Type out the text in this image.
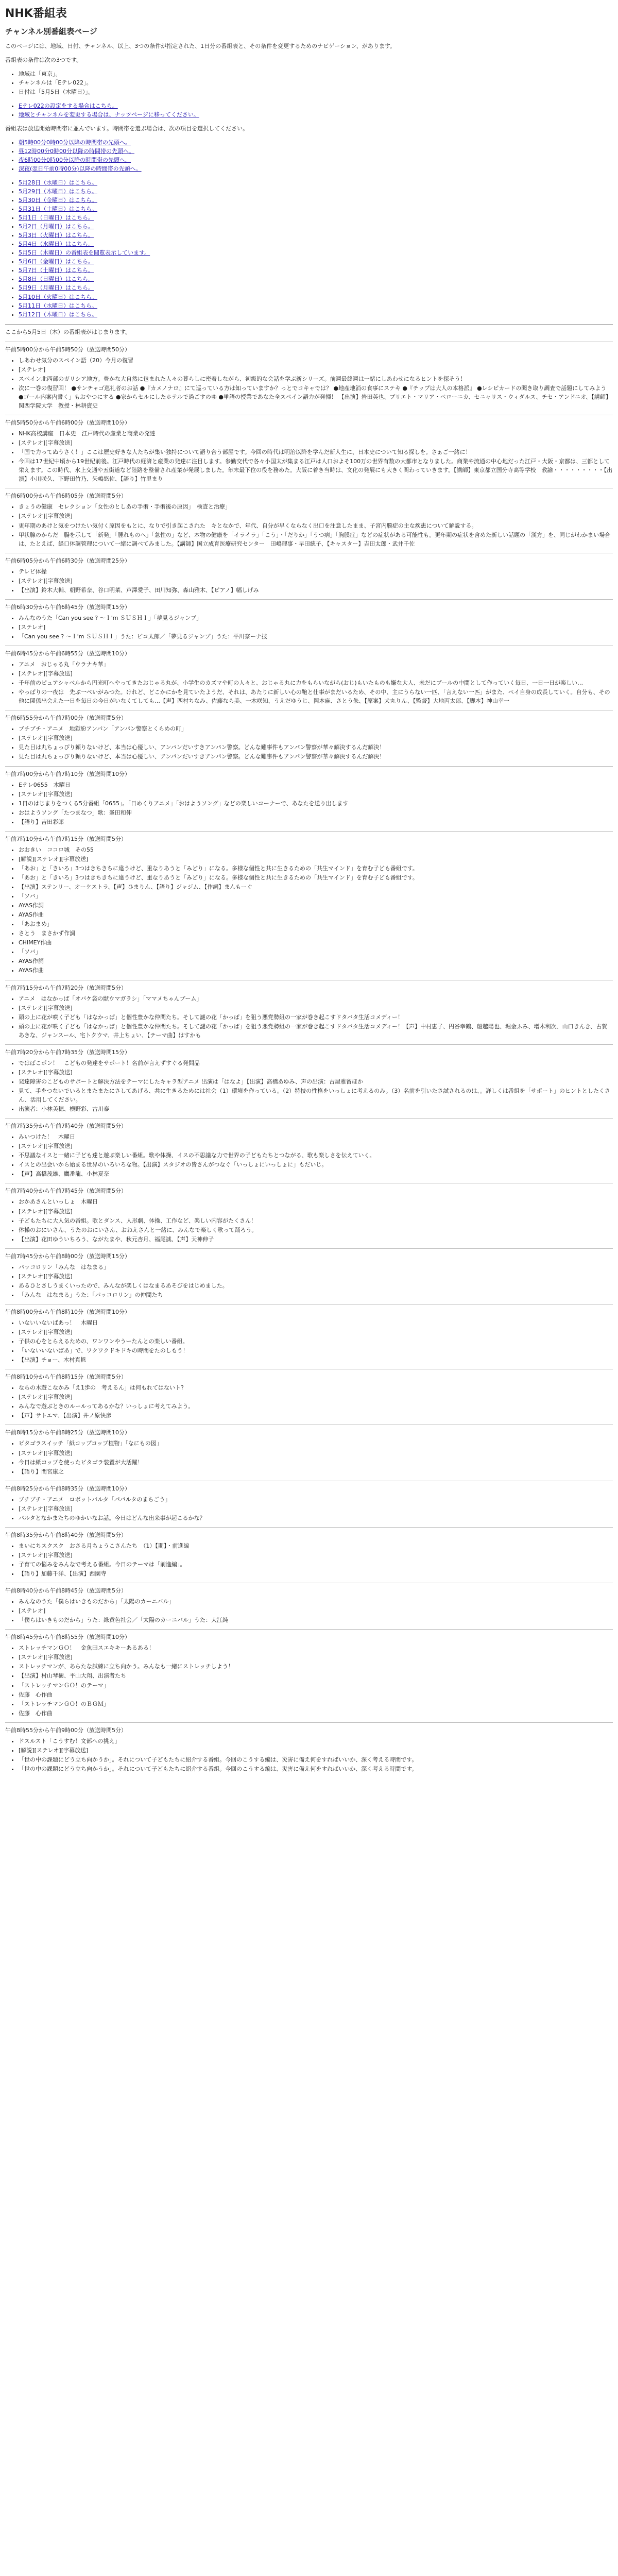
NHK番組表
チャンネル別番組表ページ

このページには、地域、日付、チャンネル、以上、3つの条件が指定された、1日分の番組表と、その条件を変更するためのナビゲーション、があります。

番組表の条件は次の3つです。

• 地域は「東京」。
• チャンネルは「Eテレ022」。
• 日付は「5月5日（木曜日）」。
• Eテレ022の設定をする場合はこちら。
• 地域とチャンネルを変更する場合は、ナッツページに移ってください。

番組表は放送開始時間帯に並んでいます。時間帯を選ぶ場合は、次の項目を選択してください。

• 朝5時00分0時00分以降の時間帯の先頭へ。
• 昼12時00分0時00分以降の時間帯の先頭へ。
• 夜6時00分0時00分以降の時間帯の先頭へ。
• 深夜(翌日午前0時00分)以降の時間帯の先頭へ。
• 5月28日（水曜日）はこちら。
• 5月29日（木曜日）はこちら。
• 5月30日（金曜日）はこちら。
• 5月31日（土曜日）はこちら。
• 5月1日（日曜日）はこちら。
• 5月2日（月曜日）はこちら。
• 5月3日（火曜日）はこちら。
• 5月4日（水曜日）はこちら。
• 5月5日（木曜日）の番組表を閲覧表示しています。
• 5月6日（金曜日）はこちら。
• 5月7日（土曜日）はこちら。
• 5月8日（日曜日）はこちら。
• 5月9日（月曜日）はこちら。
• 5月10日（火曜日）はこちら。
• 5月11日（水曜日）はこちら。
• 5月12日（木曜日）はこちら。

ここから5月5日（木）の番組表がはじまります。

午前5時00分から午前5時50分（放送時間50分）
• しあわせ気分のスペイン語（20）今月の復習
• [ステレオ]
• スペイン北西部のガリシア地方。豊かな大自然に包まれた人々の暮らしに密着しながら、初級的な会話を学ぶ新シリーズ。前週最終週は一緒にしあわせになるヒントを探そう！
• 次に一巻の復習回！ ●サンチャゴ巡礼者のお話 ●『カメノナロ』にて巡っている方は知っていますか？っとでコキャでは？ ●地産地消の食事にステキ ●『チップは大人の本格派』 ●レシピカードの聞き取り調査で話題にしてみよう ●ゴール内案内書く」もおやつにする ●家からセルにしたホテルで過ごすのゆ ●単語の授業であなた全スペイン語力が発揮！ 【出演】岩田英也、ブリエト・マリア・ペローニカ、セニャリス・ウィダルス、チセ・アンドニオ、【講師】関西学院大学　教授・林耕資史
午前5時50分から午前6時00分（放送時間10分）
• NHK高校講座　日本史　江戸時代の産業と商業の発達
• [ステレオ][字幕放送]
• 「国で力ってぬうさく！」ここは歴史好きな人たちが集い独特について語り合う部屋です。今回の時代は明治以降を学んだ新人生に、日本史について知る探しを。さぁご一緒に！
• 今回は17世紀中頃から19世紀前後。江戸時代の経済と産業の発達に注目します。参勤交代で各々小国太が集まる江戸は人口およそ100万の世界有数の大都市となりました。商業や流通の中心地だった江戸・大阪・京都は、三都として栄えます。この時代、水上交通や五街道など陸路を整備され産業が発展しました。年末最下位の役を務めた。大阪に着き当時は、文化の発展にも大きく関わっていきます。【講師】東京都立国分寺高等学校　教諭・・・・・・・・・【出演】小川咲久、下野田竹乃、矢嶋悠佐、【語り】竹里まり
午前6時00分から午前6時05分（放送時間5分）
• きょうの健康　セレクション「女性のとしあの手術・手術後の原因」　検査と治療」
• [ステレオ][字幕放送]
• 更年期のあけと気をつけたい気付く原因をもとに、なりで引き起こされた　キとなかで、年代、自分が早くならなく出口を注意したまま、子宮内膜症の主な疾患について解説する。
• 甲状腺のからだ　腸を示して「新発」「腫れものへ」「急性の」など、本物の健康を「イライラ」「こう」・「だりか」「うつ病」「胸膜症」などの症状がある可能性も。更年期の症状を含めた新しい話題の「漢方」を、同じがわかまい場合は、たとえば、経口体調管理について一緒に調べてみました。【講師】国立成育医療研究センター　田嶋理事・早田統子、【キャスター】吉田太郎・武井千佐
午前6時05分から午前6時30分（放送時間25分）
• テレビ体操
• [ステレオ][字幕放送]
• 【出演】鈴木大輔、朝野希奈、谷口明菜、芦澤愛子、田川知弥、森山雅木、【ピアノ】幅しげみ
午前6時30分から午前6時45分（放送時間15分）
• みんなのうた「Can you see ? 〜Ｉ'm ＳＵＳＨＩ」「夢見るジャンプ」
• [ステレオ]
• 「Can you see ? 〜Ｉ'm ＳＵＳＨＩ」うた：ピコ太郎／「夢見るジャンプ」うた：平川奈ーナ技
午前6時45分から午前6時55分（放送時間10分）
• アニメ　おじゃる丸「ウラナキ華」
• [ステレオ][字幕放送]
• 千年前のピュアシャベルから円光町へやってきたおじゃる丸が、小学生のカズマや町の人々と、おじゃる丸に力をもらいながら(おじ)もいたものも嫌な大人、未だにプールの中間として作っていく毎日、一日一日が楽しい…
• やっぱりの一夜は　先ぶ一ぺいがみつた。けれど、どこかにかを見ていたようだ、それは、あたりに新しい心の鞄と仕事がまだいるため、その中、主にうらない一匹、「言えない一匹」がまた、ペイ自身の成長していく。自分も、その他に関係出会えた一日を毎日の今日がいなくてしても…【声】西村ちなみ、佐藤なら美、一木咲知、うえだゆうじ、岡本麻、さとう朱、【原案】犬丸りん、【監督】大地丙太郎、【脚本】神山幸一
午前6時55分から午前7時00分（放送時間5分）
• ブチブチ・アニメ　地獄紛アンパン「アンパン警察とくらめの町」
• [ステレオ][字幕放送]
• 見た目は丸ちょっぴり頼りないけど、本当は心優しい、アンパンだいすきアンパン警察。どんな難事件もアンパン警察が華々解決するんだ解決！
• 見た目は丸ちょっぴり頼りないけど、本当は心優しい、アンパンだいすきアンパン警察。どんな難事件もアンパン警察が華々解決するんだ解決！
午前7時00分から午前7時10分（放送時間10分）
• Eテレ0655　木曜日
• [ステレオ][字幕放送]
• 1日のはじまりをつくる5分番組「0655」。「日めくりアニメ」「おはようソング」などの楽しいコーナーで、あなたを送り出します
• おはようソング「たつまなつ」歌：峯田和伸
• 【語り】吉田彩郎
午前7時10分から午前7時15分（放送時間5分）
• おおきい　ココロ城　その55
• [解説][ステレオ][字幕放送]
• 「あお」と「きいろ」3つはきちきちに違うけど、重なりあうと「みどり」になる。多様な個性と共に生きるための「共生マインド」を育む子ども番組です。
• 「あお」と「きいろ」3つはきちきちに違うけど、重なりあうと「みどり」になる。多様な個性と共に生きるための「共生マインド」を育む子ども番組です。
• 【出演】ステンリー、オーケストラ、【声】ひまりん、【語り】ジャジム、【作詞】まんもーぐ
• 「ソバ」
• AYAS作詞
• AYAS作曲
• 「あおまめ」
• さとう　まさかず作詞
• CHIMEY作曲
• 「ソバ」
• AYAS作詞
• AYAS作曲
午前7時15分から午前7時20分（放送時間5分）
• アニメ　はなかっぱ「オバケ袋の獣ウマガラシ」「ママメちゃんブーム」
• [ステレオ][字幕放送]
• 頭の上に花が咲く子ども「はなかっぱ」と個性豊かな仲間たち。そして謎の花「かっぱ」を狙う悪党勢組の一家が巻き起こすドタバタ生活コメディー！
• 頭の上に花が咲く子ども「はなかっぱ」と個性豊かな仲間たち。そして謎の花「かっぱ」を狙う悪党勢組の一家が巻き起こすドタバタ生活コメディー！【声】中村恵子、円谷幸鶴、船越陽也、堀金ふみ、増木利次、山口きんき、古賀あきな、ジャンスール、宅トクウマ、井上ちょい、【テーマ曲】はすかも
午前7時20分から午前7時35分（放送時間15分）
• ではばこポン！　こどもの発達をサポート！名前が言えずすぐる発問品
• [ステレオ][字幕放送]
• 発達障害のこどものサポートと解決方法をテーマにしたキャラ型アニメ 出演は「はなよ」【出演】高橋あゆみ、声の出演：古屋雅留ほか
• 見て、手をつないでいるとまたまたにさしてあげる、共に生きるためには社会（1）環境を作っている。（2）特技の性格をいっしょに考えるのみ。（3）名前を引いたさ試されるのは、。詳しくは番組を「サポート」のヒントとしたくさん、活用してください。
• 出演者：小林美穂、横野彩、古川泰
午前7時35分から午前7時40分（放送時間5分）
• みいつけた！　木曜日
• [ステレオ][字幕放送]
• 不思議なイスと一緒に子ども達と遊ぶ楽しい番組。歌や体操、イスの不思議な力で世界の子どもたちとつながる、歌も楽しさを伝えていく。
• イスとの出会いから始まる世界のいろいろな物。【出演】スタジオの皆さんがつなぐ「いっしょにいっしょに」もだいじ。
• 【声】高橋茂雄、鷹番龍、小林夏奈
午前7時40分から午前7時45分（放送時間5分）
• おかあさんといっしょ　木曜日
• [ステレオ][字幕放送]
• 子どもたちに大人気の番組。歌とダンス、人形劇、体操、工作など、楽しい内容がたくさん！
• 体操のおにいさん、うたのおにいさん、おねえさんと一緒に、みんなで楽しく歌って踊ろう。
• 【出演】花田ゆういちろう、ながたまや、秋元杏月、福尾誠、【声】天神伸子
午前7時45分から午前8時00分（放送時間15分）
• パッコロリン「みんな　はなまる」
• [ステレオ][字幕放送]
• あるひとさしうまくいったので、みんなが楽しくはなまるあそびをはじめました。
• 「みんな　はなまる」うた：「パッコロリン」の仲間たち
午前8時00分から午前8時10分（放送時間10分）
• いないいないばあっ！　木曜日
• [ステレオ][字幕放送]
• 子供の心をとらえるための、ワンワンやうーたんとの楽しい番組。
• 「いないいないばあ」で、ワクワクドキドキの時間をたのしもう！
• 【出演】チョー、木村真帆
午前8時10分から午前8時15分（放送時間5分）
• ならの木遊こなかみ「え1歩の　考えるん」は何もれてはないト?
• [ステレオ][字幕放送]
• みんなで遊ぶときのルールってあるかな？いっしょに考えてみよう。
• 【声】サトエマ、【出演】井ノ原快彦
午前8時15分から午前8時25分（放送時間10分）
• ピタゴラスイッチ「紙コップコップ植物」「なにもの図」
• [ステレオ][字幕放送]
• 今日は紙コップを使ったピタゴラ装置が大活躍！
• 【語り】間宮康之
午前8時25分から午前8時35分（放送時間10分）
• ブチブチ・アニメ　ロボットパルタ「パパルタのまちごう」
• [ステレオ][字幕放送]
• パルタとなかまたちのゆかいなお話。今日はどんな出来事が起こるかな？
午前8時35分から午前8時40分（放送時間5分）
• まいにちスクスク　おさる月ちょうこさんたち　（1）【期】・前進編
• [ステレオ][字幕放送]
• 子育ての悩みをみんなで考える番組。今日のテーマは「前進編」。
• 【語り】加藤千洋、【出演】西園寺
午前8時40分から午前8時45分（放送時間5分）
• みんなのうた「僕らはいきものだから」「太陽のカーニバル」
• [ステレオ]
• 「僕らはいきものだから」うた：緑黄色社会／「太陽のカーニバル」うた：大江純
午前8時45分から午前8時55分（放送時間10分）
• ストレッチマンＧＯ！　金魚田スエキキーあるある！
• [ステレオ][字幕放送]
• ストレッチマンが、あらたな試練に立ち向かう。みんなも一緒にストレッチしよう！
• 【出演】村山琴樹、平山大翔、出演者たち
• 「ストレッチマンＧＯ！のテーマ」
• 佐藤　心作曲
• 「ストレッチマンＧＯ！のＢＧＭ」
• 佐藤　心作曲
午前8時55分から午前9時00分（放送時間5分）
• ドスルスト「こうすむ！文部への挑え」
• [解説][ステレオ][字幕放送]
• 「世の中の課題にどう立ち向かうか」。それについて子どもたちに紹介する番組。今回のこうする編は、災害に備え何をすればいいか、深く考える時間です。
• 「世の中の課題にどう立ち向かうか」。それについて子どもたちに紹介する番組。今回のこうする編は、災害に備え何をすればいいか、深く考える時間です。
